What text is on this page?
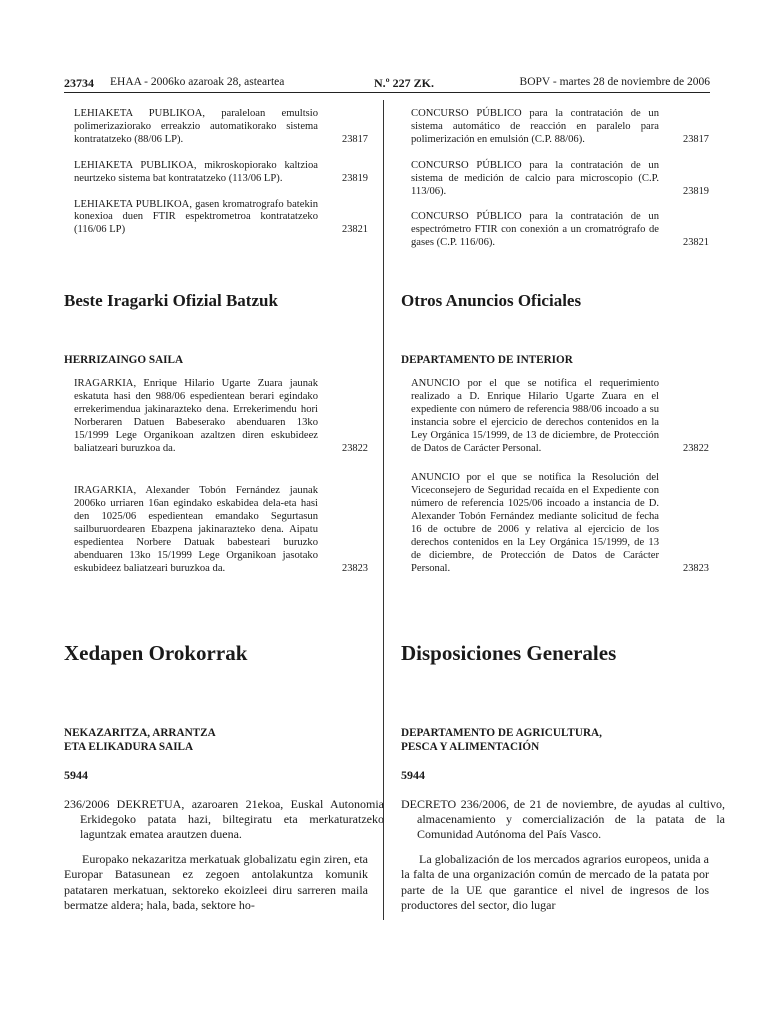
23734 EHAA - 2006ko azaroak 28, asteartea	N.º 227 ZK.	BOPV - martes 28 de noviembre de 2006
LEHIAKETA PUBLIKOA, paraleloan emultsio polimerizaziorako erreakzio automatikorako sistema kontratatzeko (88/06 LP).	23817
LEHIAKETA PUBLIKOA, mikroskopiorako kaltzioa neurtzeko sistema bat kontratatzeko (113/06 LP).	23819
LEHIAKETA PUBLIKOA, gasen kromatrografo batekin konexioa duen FTIR espektrometroa kontratatzeko (116/06 LP)	23821
CONCURSO PÚBLICO para la contratación de un sistema automático de reacción en paralelo para polimerización en emulsión (C.P. 88/06).	23817
CONCURSO PÚBLICO para la contratación de un sistema de medición de calcio para microscopio (C.P. 113/06).	23819
CONCURSO PÚBLICO para la contratación de un espectrómetro FTIR con conexión a un cromatrógrafo de gases (C.P. 116/06).	23821
Beste Iragarki Ofizial Batzuk	Otros Anuncios Oficiales
HERRIZAINGO SAILA	DEPARTAMENTO DE INTERIOR
IRAGARKIA, Enrique Hilario Ugarte Zuara jaunak eskatuta hasi den 988/06 espedientean berari egindako errekerimendua jakinarazteko dena. Errekerimendu hori Norberaren Datuen Babeserako abenduaren 13ko 15/1999 Lege Organikoan azaltzen diren eskubideez baliatzeari buruzkoa da.	23822
IRAGARKIA, Alexander Tobón Fernández jaunak 2006ko urriaren 16an egindako eskabidea dela-eta hasi den 1025/06 espedientean emandako Segurtasun sailburuordearen Ebazpena jakinarazteko dena. Aipatu espedientea Norbere Datuak babesteari buruzko abenduaren 13ko 15/1999 Lege Organikoan jasotako eskubideez baliatzeari buruzkoa da.	23823
ANUNCIO por el que se notifica el requerimiento realizado a D. Enrique Hilario Ugarte Zuara en el expediente con número de referencia 988/06 incoado a su instancia sobre el ejercicio de derechos contenidos en la Ley Orgánica 15/1999, de 13 de diciembre, de Protección de Datos de Carácter Personal.	23822
ANUNCIO por el que se notifica la Resolución del Viceconsejero de Seguridad recaída en el Expediente con número de referencia 1025/06 incoado a instancia de D. Alexander Tobón Fernández mediante solicitud de fecha 16 de octubre de 2006 y relativa al ejercicio de los derechos contenidos en la Ley Orgánica 15/1999, de 13 de diciembre, de Protección de Datos de Carácter Personal.	23823
Xedapen Orokorrak	Disposiciones Generales
NEKAZARITZA, ARRANTZA
ETA ELIKADURA SAILA
DEPARTAMENTO DE AGRICULTURA,
PESCA Y ALIMENTACIÓN
5944	5944
236/2006 DEKRETUA, azaroaren 21ekoa, Euskal Autonomia Erkidegoko patata hazi, biltegiratu eta merkaturatzeko laguntzak ematea arautzen duena.
DECRETO 236/2006, de 21 de noviembre, de ayudas al cultivo, almacenamiento y comercialización de la patata de la Comunidad Autónoma del País Vasco.
Europako nekazaritza merkatuak globalizatu egin ziren, eta Europar Batasunean ez zegoen antolakuntza komunik patataren merkatuan, sektoreko ekoizleei diru sarreren maila bermatze aldera; hala, bada, sektore ho-
La globalización de los mercados agrarios europeos, unida a la falta de una organización común de mercado de la patata por parte de la UE que garantice el nivel de ingresos de los productores del sector, dio lugar
